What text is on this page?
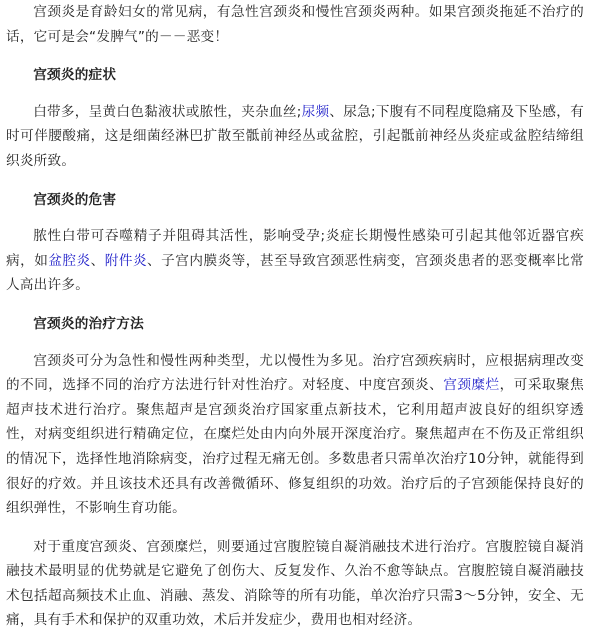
宫颈炎是育龄妇女的常见病，有急性宫颈炎和慢性宫颈炎两种。如果宫颈炎拖延不治疗的话，它可是会“发脾气”的－－恶变！

宫颈炎的症状

白带多，呈黄白色黏液状或脓性，夹杂血丝;尿频、尿急;下腹有不同程度隐痛及下坠感，有时可伴腰酸痛，这是细菌经淋巴扩散至骶前神经丛或盆腔，引起骶前神经丛炎症或盆腔结缔组织炎所致。

宫颈炎的危害

脓性白带可吞噬精子并阻碍其活性，影响受孕;炎症长期慢性感染可引起其他邻近器官疾病，如盆腔炎、附件炎、子宫内膜炎等，甚至导致宫颈恶性病变，宫颈炎患者的恶变概率比常人高出许多。

宫颈炎的治疗方法

宫颈炎可分为急性和慢性两种类型，尤以慢性为多见。治疗宫颈疾病时，应根据病理改变的不同，选择不同的治疗方法进行针对性治疗。对轻度、中度宫颈炎、宫颈糜烂，可采取聚焦超声技术进行治疗。聚焦超声是宫颈炎治疗国家重点新技术，它利用超声波良好的组织穿透性，对病变组织进行精确定位，在糜烂处由内向外展开深度治疗。聚焦超声在不伤及正常组织的情况下，选择性地消除病变，治疗过程无痛无创。多数患者只需单次治疗10分钟，就能得到很好的疗效。并且该技术还具有改善微循环、修复组织的功效。治疗后的子宫颈能保持良好的组织弹性，不影响生育功能。

对于重度宫颈炎、宫颈糜烂，则要通过宫腹腔镜自凝消融技术进行治疗。宫腹腔镜自凝消融技术最明显的优势就是它避免了创伤大、反复发作、久治不愈等缺点。宫腹腔镜自凝消融技术包括超高频技术止血、消融、蒸发、消除等的所有功能，单次治疗只需3～5分钟，安全、无痛，具有手术和保护的双重功效，术后并发症少，费用也相对经济。
